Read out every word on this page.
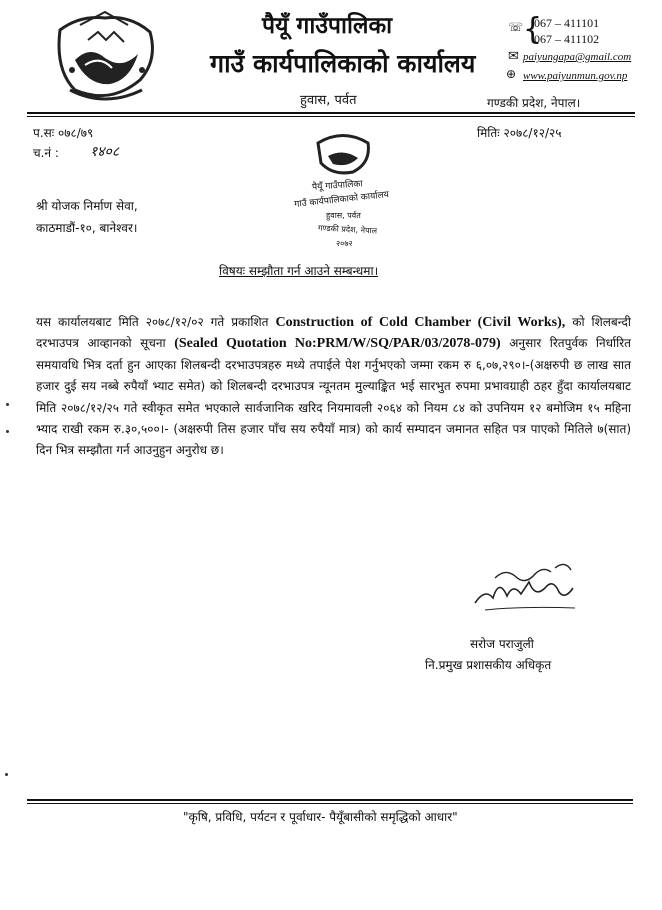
पैयूँ गाउँपालिका
गाउँ कार्यपालिकाको कार्यालय
हुवास, पर्वत
☏ {
067 – 411101
067 – 411102
✉ paiyungapa@gmail.com
⊕ www.paiyunmun.gov.np
गण्डकी प्रदेश, नेपाल।
प.सः ०७८/७९	मितिः २०७८/१२/२५
च.नं : १४०८
पैयूँ गाउँपालिका
गाउँ कार्यपालिकाको कार्यालय
हुवास, पर्वत
गण्डकी प्रदेश, नेपाल
२०७२
श्री योजक निर्माण सेवा,
काठमाडौं-१०, बानेश्वर।
विषयः सम्झौता गर्न आउने सम्बन्धमा।
यस कार्यालयबाट मिति २०७८/१२/०२ गते प्रकाशित Construction of Cold Chamber (Civil Works), को शिलबन्दी दरभाउपत्र आव्हानको सूचना (Sealed Quotation No:PRM/W/SQ/PAR/03/2078-079) अनुसार रितपुर्वक निर्धारित समयावधि भित्र दर्ता हुन आएका शिलबन्दी दरभाउपत्रहरु मध्ये तपाईले पेश गर्नुभएको जम्मा रकम रु ६,०७,२९०।-(अक्षरुपी छ लाख सात हजार दुई सय नब्बे रुपैयाँ भ्याट समेत) को शिलबन्दी दरभाउपत्र न्यूनतम मुल्याङ्कित भई सारभुत रुपमा प्रभावग्राही ठहर हुँदा कार्यालयबाट मिति २०७८/१२/२५ गते स्वीकृत समेत भएकाले सार्वजानिक खरिद नियमावली २०६४ को नियम ८४ को उपनियम १२ बमोजिम १५ महिना भ्याद राखी रकम रु.३०,५००।- (अक्षरुपी तिस हजार पाँच सय रुपैयाँ मात्र) को कार्य सम्पादन जमानत सहित पत्र पाएको मितिले ७(सात) दिन भित्र सम्झौता गर्न आउनुहुन अनुरोध छ।
सरोज पराजुली
नि.प्रमुख प्रशासकीय अधिकृत
"कृषि, प्रविधि, पर्यटन र पूर्वाधार- पैयूँबासीको समृद्धिको आधार"
